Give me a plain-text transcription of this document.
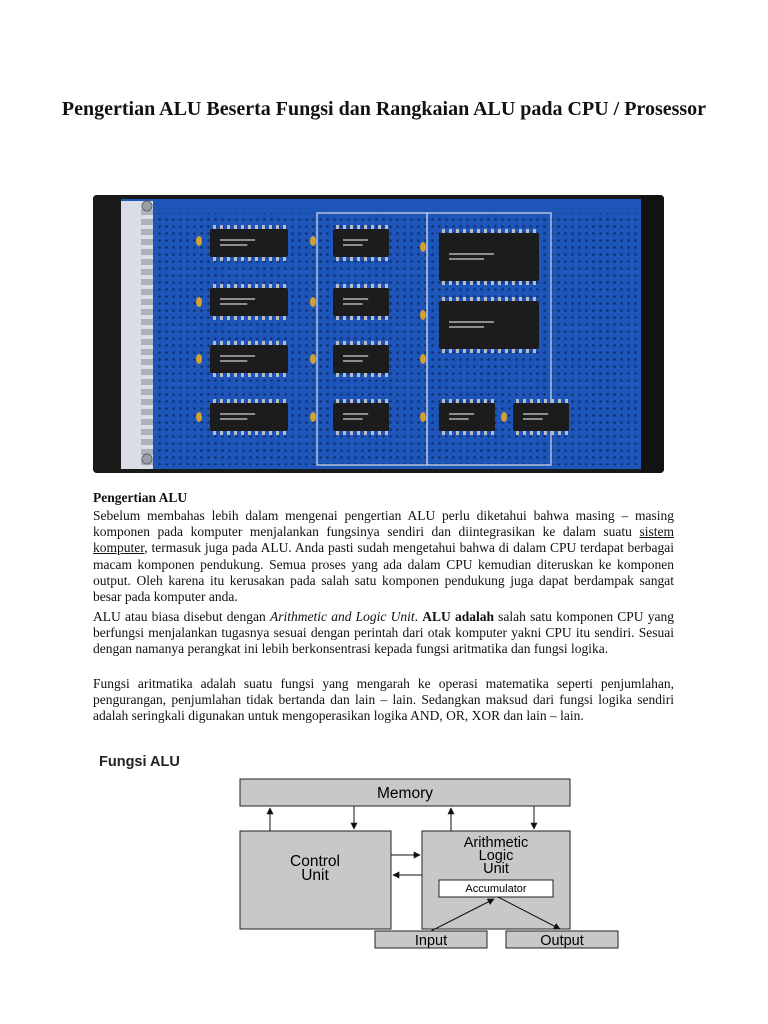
Pengertian ALU Beserta Fungsi dan Rangkaian ALU pada CPU / Prosessor

Pengertian ALU

Sebelum membahas lebih dalam mengenai pengertian ALU perlu diketahui bahwa masing – masing komponen pada komputer menjalankan fungsinya sendiri dan diintegrasikan ke dalam suatu sistem komputer, termasuk juga pada ALU. Anda pasti sudah mengetahui bahwa di dalam CPU terdapat berbagai macam komponen pendukung. Semua proses yang ada dalam CPU kemudian diteruskan ke komponen output. Oleh karena itu kerusakan pada salah satu komponen pendukung juga dapat berdampak sangat besar pada komputer anda.

ALU atau biasa disebut dengan Arithmetic and Logic Unit. ALU adalah salah satu komponen CPU yang berfungsi menjalankan tugasnya sesuai dengan perintah dari otak komputer yakni CPU itu sendiri. Sesuai dengan namanya perangkat ini lebih berkonsentrasi kepada fungsi aritmatika dan fungsi logika.

Fungsi aritmatika adalah suatu fungsi yang mengarah ke operasi matematika seperti penjumlahan, pengurangan, penjumlahan tidak bertanda dan lain – lain. Sedangkan maksud dari fungsi logika sendiri adalah seringkali digunakan untuk mengoperasikan logika AND, OR, XOR dan lain – lain.

Fungsi ALU
Memory
Control
Unit
Arithmetic
Logic
Unit
Accumulator
Input	Output
